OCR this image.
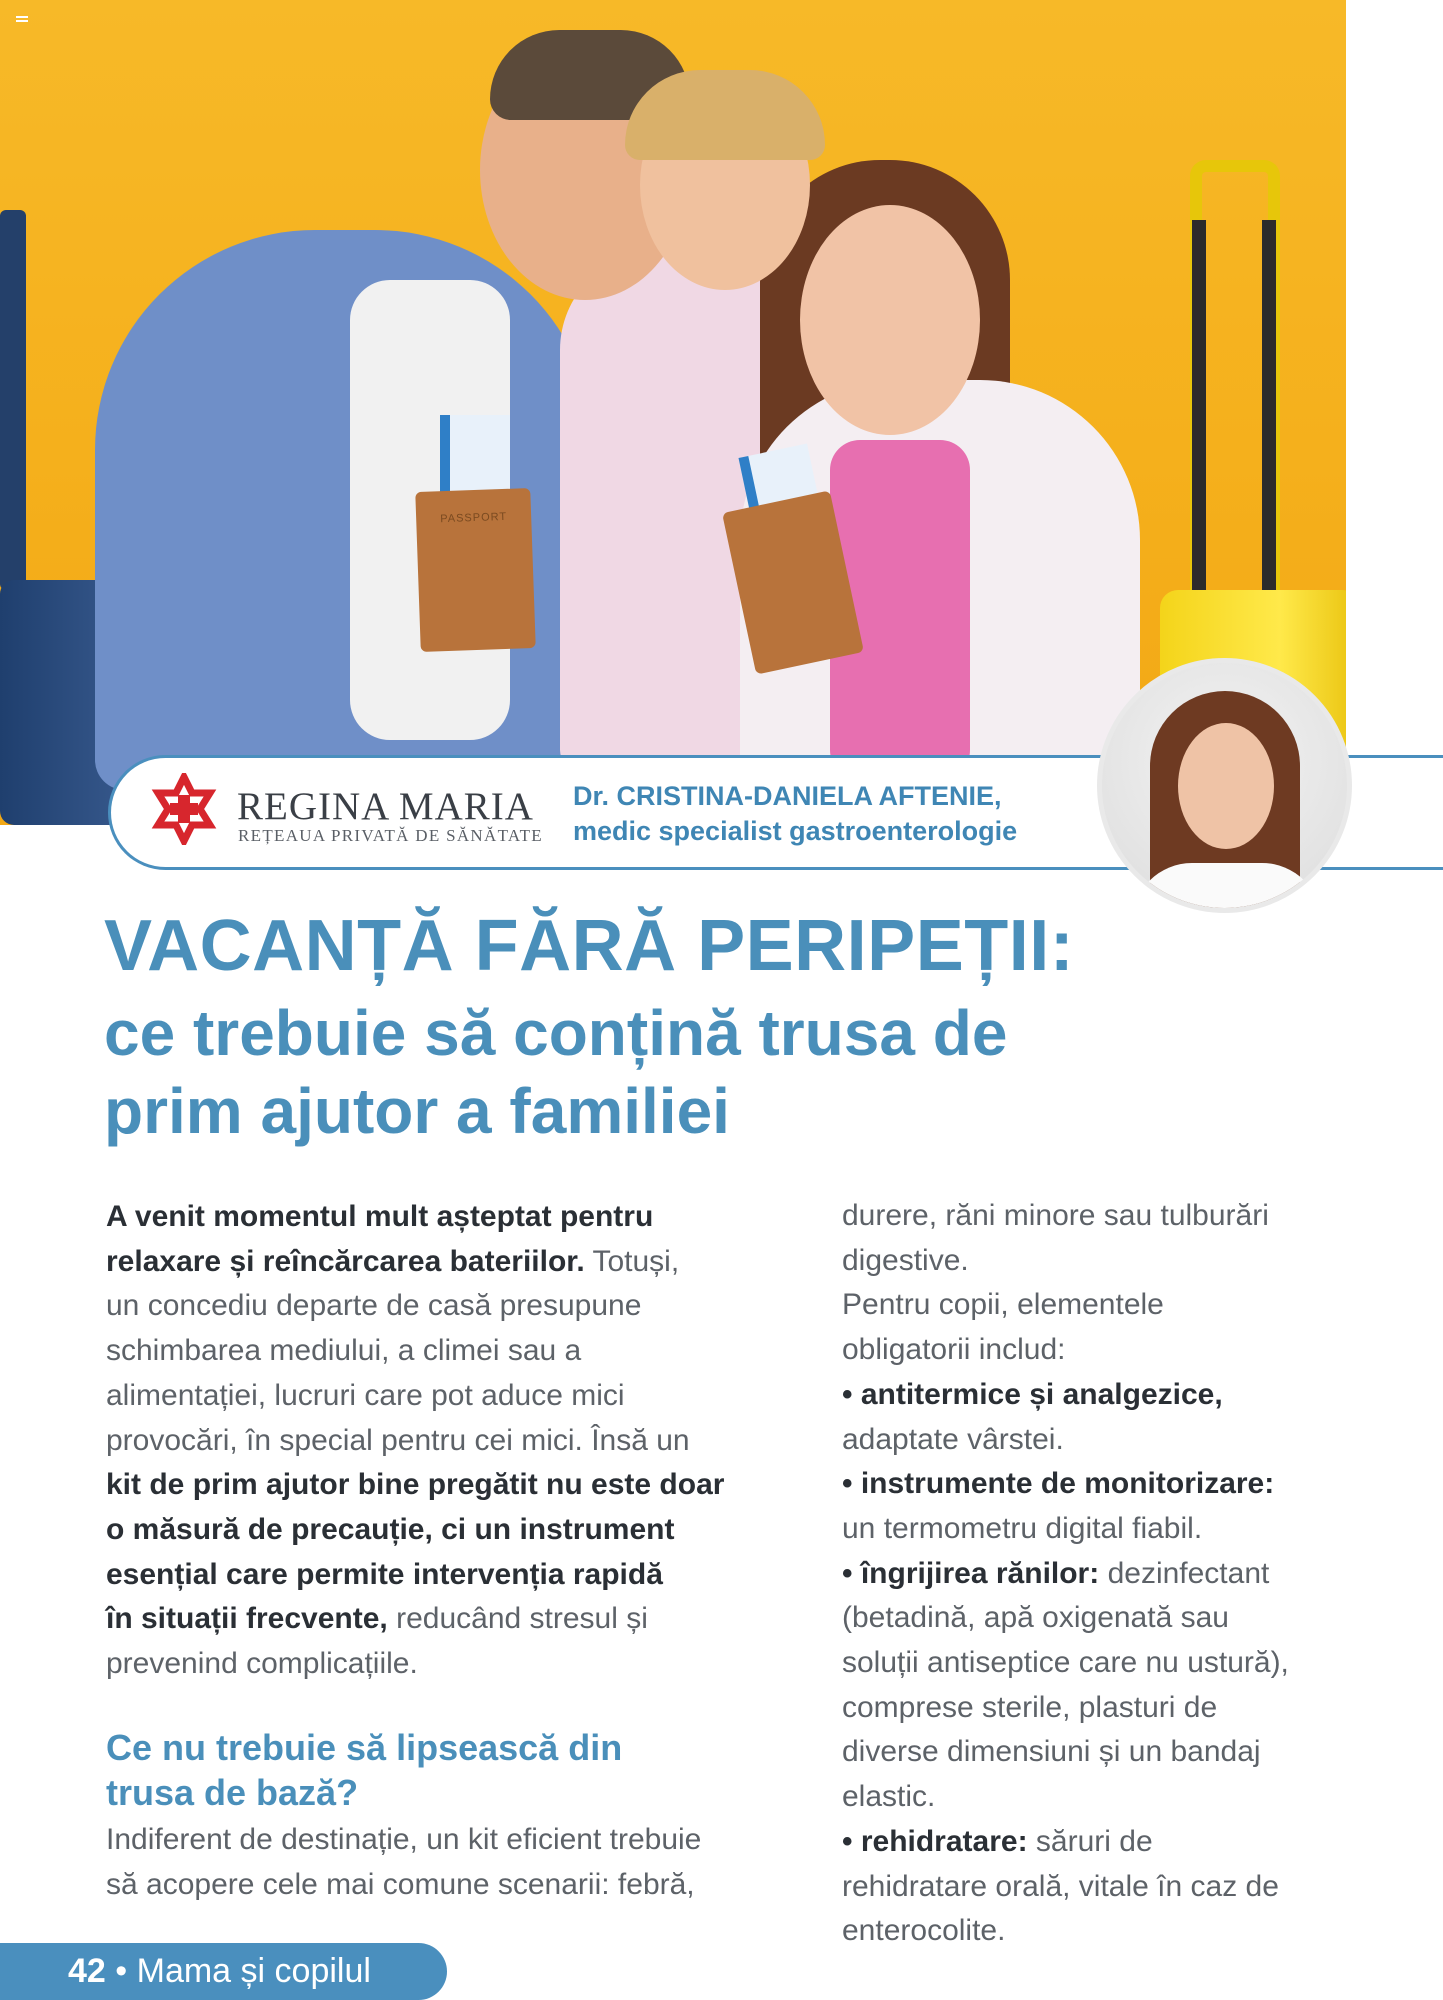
PASSPORT
REGINA MARIA
REȚEAUA PRIVATĂ DE SĂNĂTATE
Dr. CRISTINA-DANIELA AFTENIE,
medic specialist gastroenterologie
VACANȚĂ FĂRĂ PERIPEȚII:
ce trebuie să conțină trusa de
prim ajutor a familiei
A venit momentul mult așteptat pentru
relaxare și reîncărcarea bateriilor. Totuși,
un concediu departe de casă presupune
schimbarea mediului, a climei sau a
alimentației, lucruri care pot aduce mici
provocări, în special pentru cei mici. Însă un
kit de prim ajutor bine pregătit nu este doar
o măsură de precauție, ci un instrument
esențial care permite intervenția rapidă
în situații frecvente, reducând stresul și
prevenind complicațiile.
Ce nu trebuie să lipsească din
trusa de bază?
Indiferent de destinație, un kit eficient trebuie
să acopere cele mai comune scenarii: febră,
durere, răni minore sau tulburări
digestive.
Pentru copii, elementele
obligatorii includ:
• antitermice și analgezice,
adaptate vârstei.
• instrumente de monitorizare:
un termometru digital fiabil.
• îngrijirea rănilor: dezinfectant
(betadină, apă oxigenată sau
soluții antiseptice care nu ustură),
comprese sterile, plasturi de
diverse dimensiuni și un bandaj
elastic.
• rehidratare: săruri de
rehidratare orală, vitale în caz de
enterocolite.
42 • Mama și copilul
